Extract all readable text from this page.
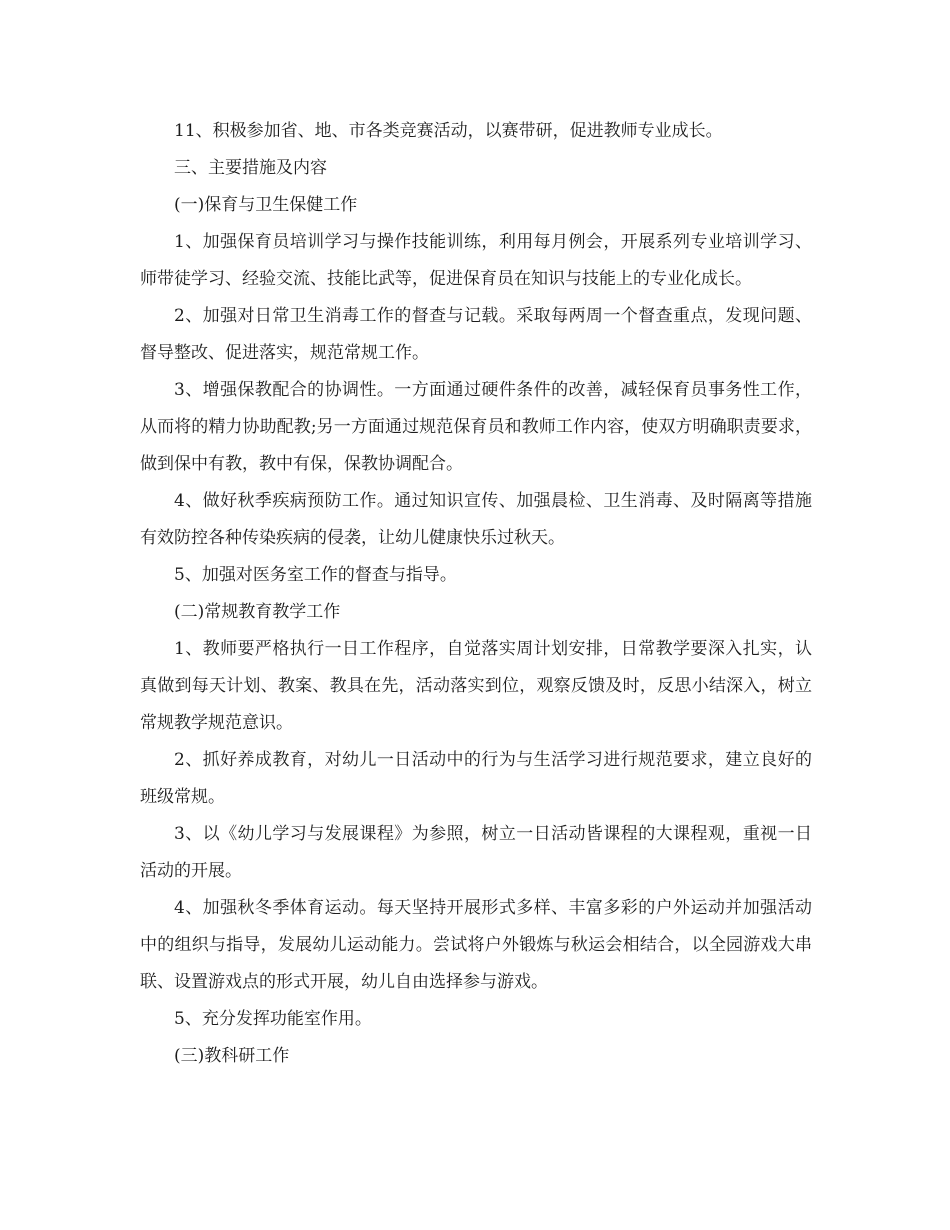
11、积极参加省、地、市各类竞赛活动，以赛带研，促进教师专业成长。

三、主要措施及内容

(一)保育与卫生保健工作

1、加强保育员培训学习与操作技能训练，利用每月例会，开展系列专业培训学习、师带徒学习、经验交流、技能比武等，促进保育员在知识与技能上的专业化成长。

2、加强对日常卫生消毒工作的督查与记载。采取每两周一个督查重点，发现问题、督导整改、促进落实，规范常规工作。

3、增强保教配合的协调性。一方面通过硬件条件的改善，减轻保育员事务性工作，从而将的精力协助配教;另一方面通过规范保育员和教师工作内容，使双方明确职责要求，做到保中有教，教中有保，保教协调配合。

4、做好秋季疾病预防工作。通过知识宣传、加强晨检、卫生消毒、及时隔离等措施有效防控各种传染疾病的侵袭，让幼儿健康快乐过秋天。

5、加强对医务室工作的督查与指导。

(二)常规教育教学工作

1、教师要严格执行一日工作程序，自觉落实周计划安排，日常教学要深入扎实，认真做到每天计划、教案、教具在先，活动落实到位，观察反馈及时，反思小结深入，树立常规教学规范意识。

2、抓好养成教育，对幼儿一日活动中的行为与生活学习进行规范要求，建立良好的班级常规。

3、以《幼儿学习与发展课程》为参照，树立一日活动皆课程的大课程观，重视一日活动的开展。

4、加强秋冬季体育运动。每天坚持开展形式多样、丰富多彩的户外运动并加强活动中的组织与指导，发展幼儿运动能力。尝试将户外锻炼与秋运会相结合，以全园游戏大串联、设置游戏点的形式开展，幼儿自由选择参与游戏。

5、充分发挥功能室作用。

(三)教科研工作
